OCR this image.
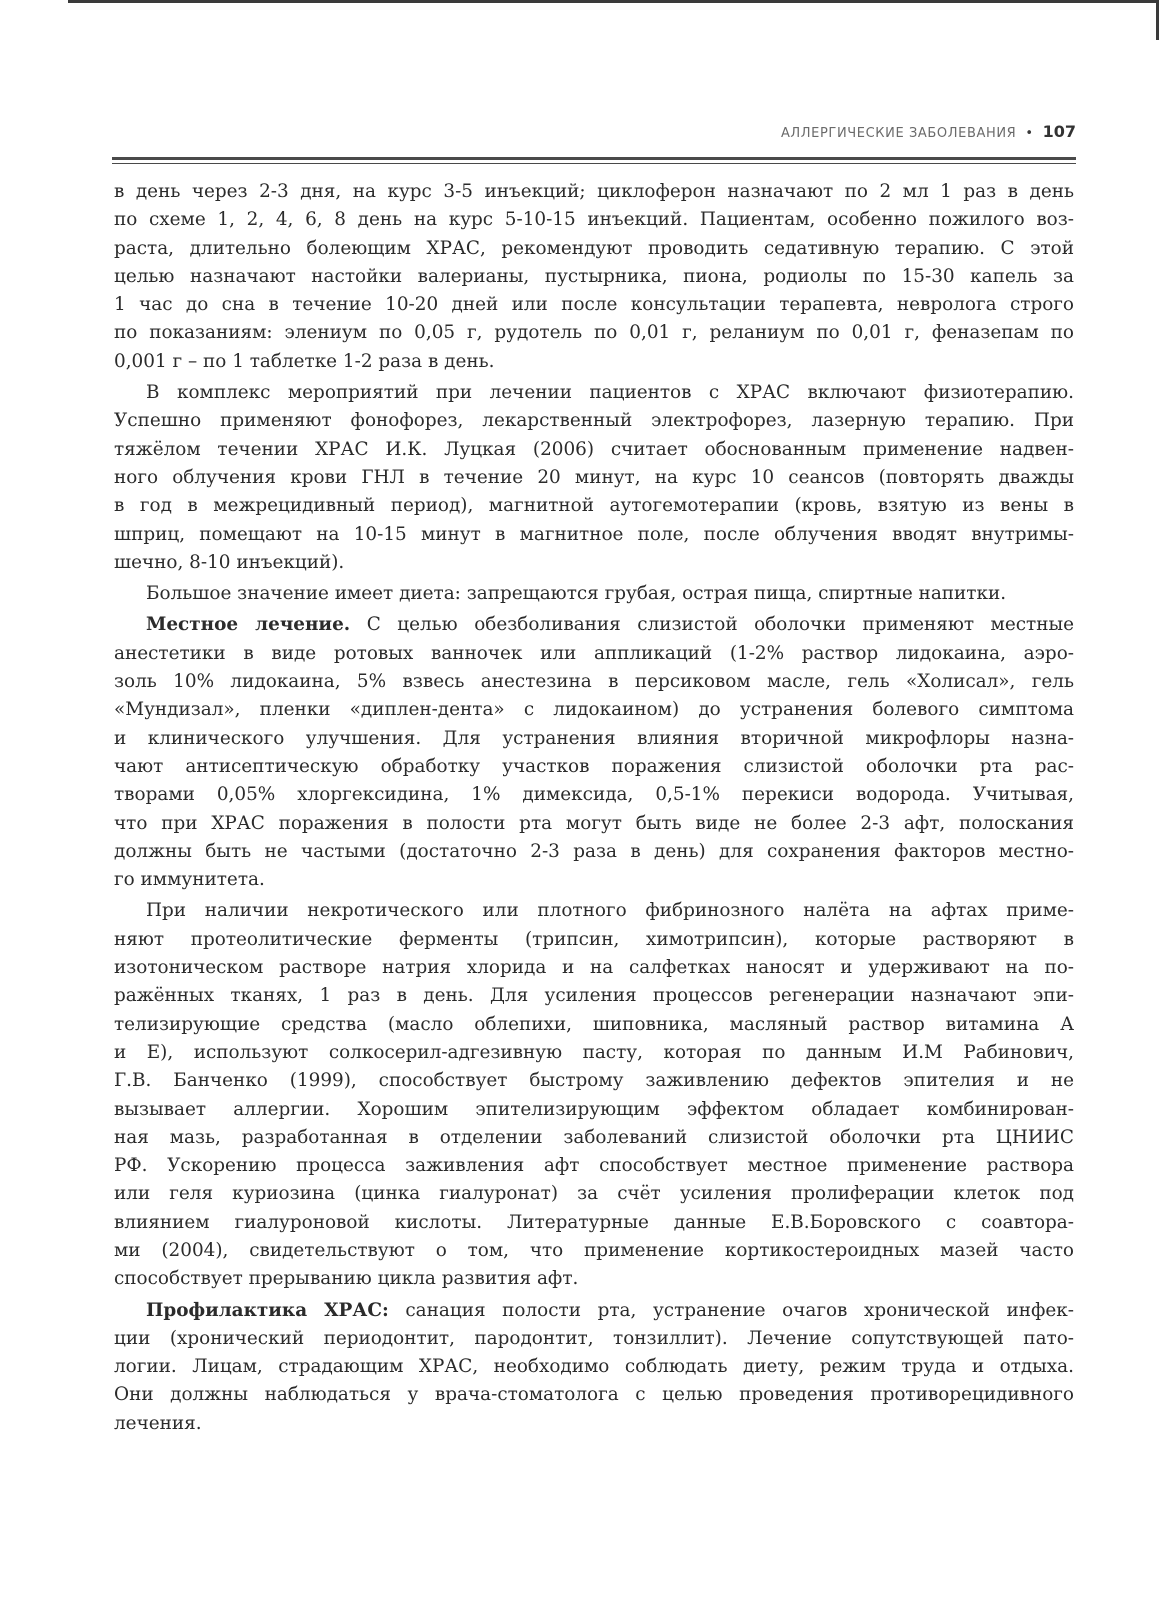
АЛЛЕРГИЧЕСКИЕ ЗАБОЛЕВАНИЯ • 107
в день через 2-3 дня, на курс 3-5 инъекций; циклоферон назначают по 2 мл 1 раз в день
по схеме 1, 2, 4, 6, 8 день на курс 5-10-15 инъекций. Пациентам, особенно пожилого воз-
раста, длительно болеющим ХРАС, рекомендуют проводить седативную терапию. С этой
целью назначают настойки валерианы, пустырника, пиона, родиолы по 15-30 капель за
1 час до сна в течение 10-20 дней или после консультации терапевта, невролога строго
по показаниям: элениум по 0,05 г, рудотель по 0,01 г, реланиум по 0,01 г, феназепам по
0,001 г – по 1 таблетке 1-2 раза в день.
В комплекс мероприятий при лечении пациентов с ХРАС включают физиотерапию.
Успешно применяют фонофорез, лекарственный электрофорез, лазерную терапию. При
тяжёлом течении ХРАС И.К. Луцкая (2006) считает обоснованным применение надвен-
ного облучения крови ГНЛ в течение 20 минут, на курс 10 сеансов (повторять дважды
в год в межрецидивный период), магнитной аутогемотерапии (кровь, взятую из вены в
шприц, помещают на 10-15 минут в магнитное поле, после облучения вводят внутримы-
шечно, 8-10 инъекций).
Большое значение имеет диета: запрещаются грубая, острая пища, спиртные напитки.
Местное лечение. С целью обезболивания слизистой оболочки применяют местные
анестетики в виде ротовых ванночек или аппликаций (1-2% раствор лидокаина, аэро-
золь 10% лидокаина, 5% взвесь анестезина в персиковом масле, гель «Холисал», гель
«Мундизал», пленки «диплен-дента» с лидокаином) до устранения болевого симптома
и клинического улучшения. Для устранения влияния вторичной микрофлоры назна-
чают антисептическую обработку участков поражения слизистой оболочки рта рас-
творами 0,05% хлоргексидина, 1% димексида, 0,5-1% перекиси водорода. Учитывая,
что при ХРАС поражения в полости рта могут быть виде не более 2-3 афт, полоскания
должны быть не частыми (достаточно 2-3 раза в день) для сохранения факторов местно-
го иммунитета.
При наличии некротического или плотного фибринозного налёта на афтах приме-
няют протеолитические ферменты (трипсин, химотрипсин), которые растворяют в
изотоническом растворе натрия хлорида и на салфетках наносят и удерживают на по-
ражённых тканях, 1 раз в день. Для усиления процессов регенерации назначают эпи-
телизирующие средства (масло облепихи, шиповника, масляный раствор витамина А
и Е), используют солкосерил-адгезивную пасту, которая по данным И.М Рабинович,
Г.В. Банченко (1999), способствует быстрому заживлению дефектов эпителия и не
вызывает аллергии. Хорошим эпителизирующим эффектом обладает комбинирован-
ная мазь, разработанная в отделении заболеваний слизистой оболочки рта ЦНИИС
РФ. Ускорению процесса заживления афт способствует местное применение раствора
или геля куриозина (цинка гиалуронат) за счёт усиления пролиферации клеток под
влиянием гиалуроновой кислоты. Литературные данные Е.В.Боровского с соавтора-
ми (2004), свидетельствуют о том, что применение кортикостероидных мазей часто
способствует прерыванию цикла развития афт.
Профилактика ХРАС: санация полости рта, устранение очагов хронической инфек-
ции (хронический периодонтит, пародонтит, тонзиллит). Лечение сопутствующей пато-
логии. Лицам, страдающим ХРАС, необходимо соблюдать диету, режим труда и отдыха.
Они должны наблюдаться у врача-стоматолога с целью проведения противорецидивного
лечения.
